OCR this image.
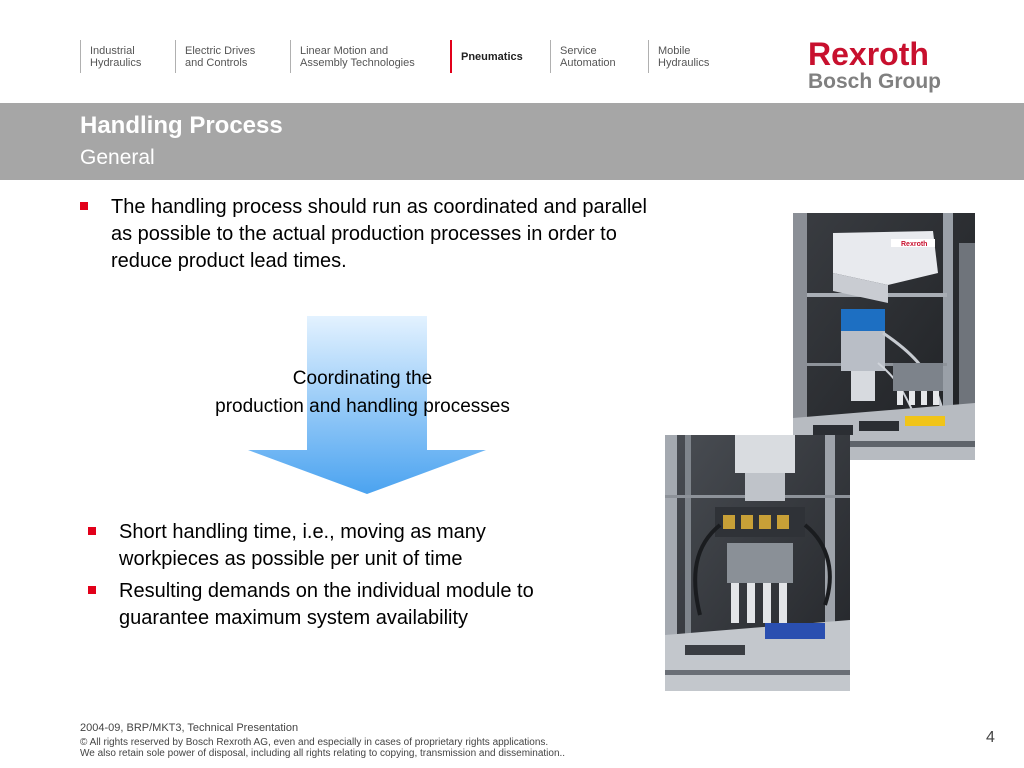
Industrial
Hydraulics
Electric Drives
and Controls
Linear Motion and
Assembly Technologies	Pneumatics	Service
Automation
Mobile
Hydraulics	Rexroth
Bosch Group
Handling Process
General
The handling process should run as coordinated and parallel
as possible to the actual production processes in order to
reduce product lead times.
Coordinating the
production and handling processes
Short handling time, i.e., moving as many
workpieces as possible per unit of time
Resulting demands on the individual module to
guarantee maximum system availability
Rexroth
2004-09, BRP/MKT3, Technical Presentation
© All rights reserved by Bosch Rexroth AG, even and especially in cases of proprietary rights applications.
We also retain sole power of disposal, including all rights relating to copying, transmission and dissemination..
4
